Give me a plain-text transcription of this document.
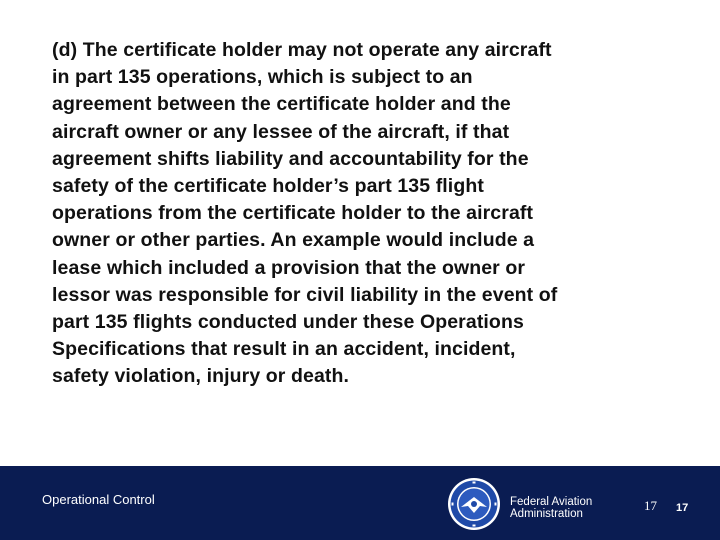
(d) The certificate holder may not operate any aircraft
in part 135 operations, which is subject to an
agreement between the certificate holder and the
aircraft owner or any lessee of the aircraft, if that
agreement shifts liability and accountability for the
safety of the certificate holder’s part 135 flight
operations from the certificate holder to the aircraft
owner or other parties. An example would include a
lease which included a provision that the owner or
lessor was responsible for civil liability in the event of
part 135 flights conducted under these Operations
Specifications that result in an accident, incident,
safety violation, injury or death.
Operational Control	Federal Aviation
Administration
17 17
